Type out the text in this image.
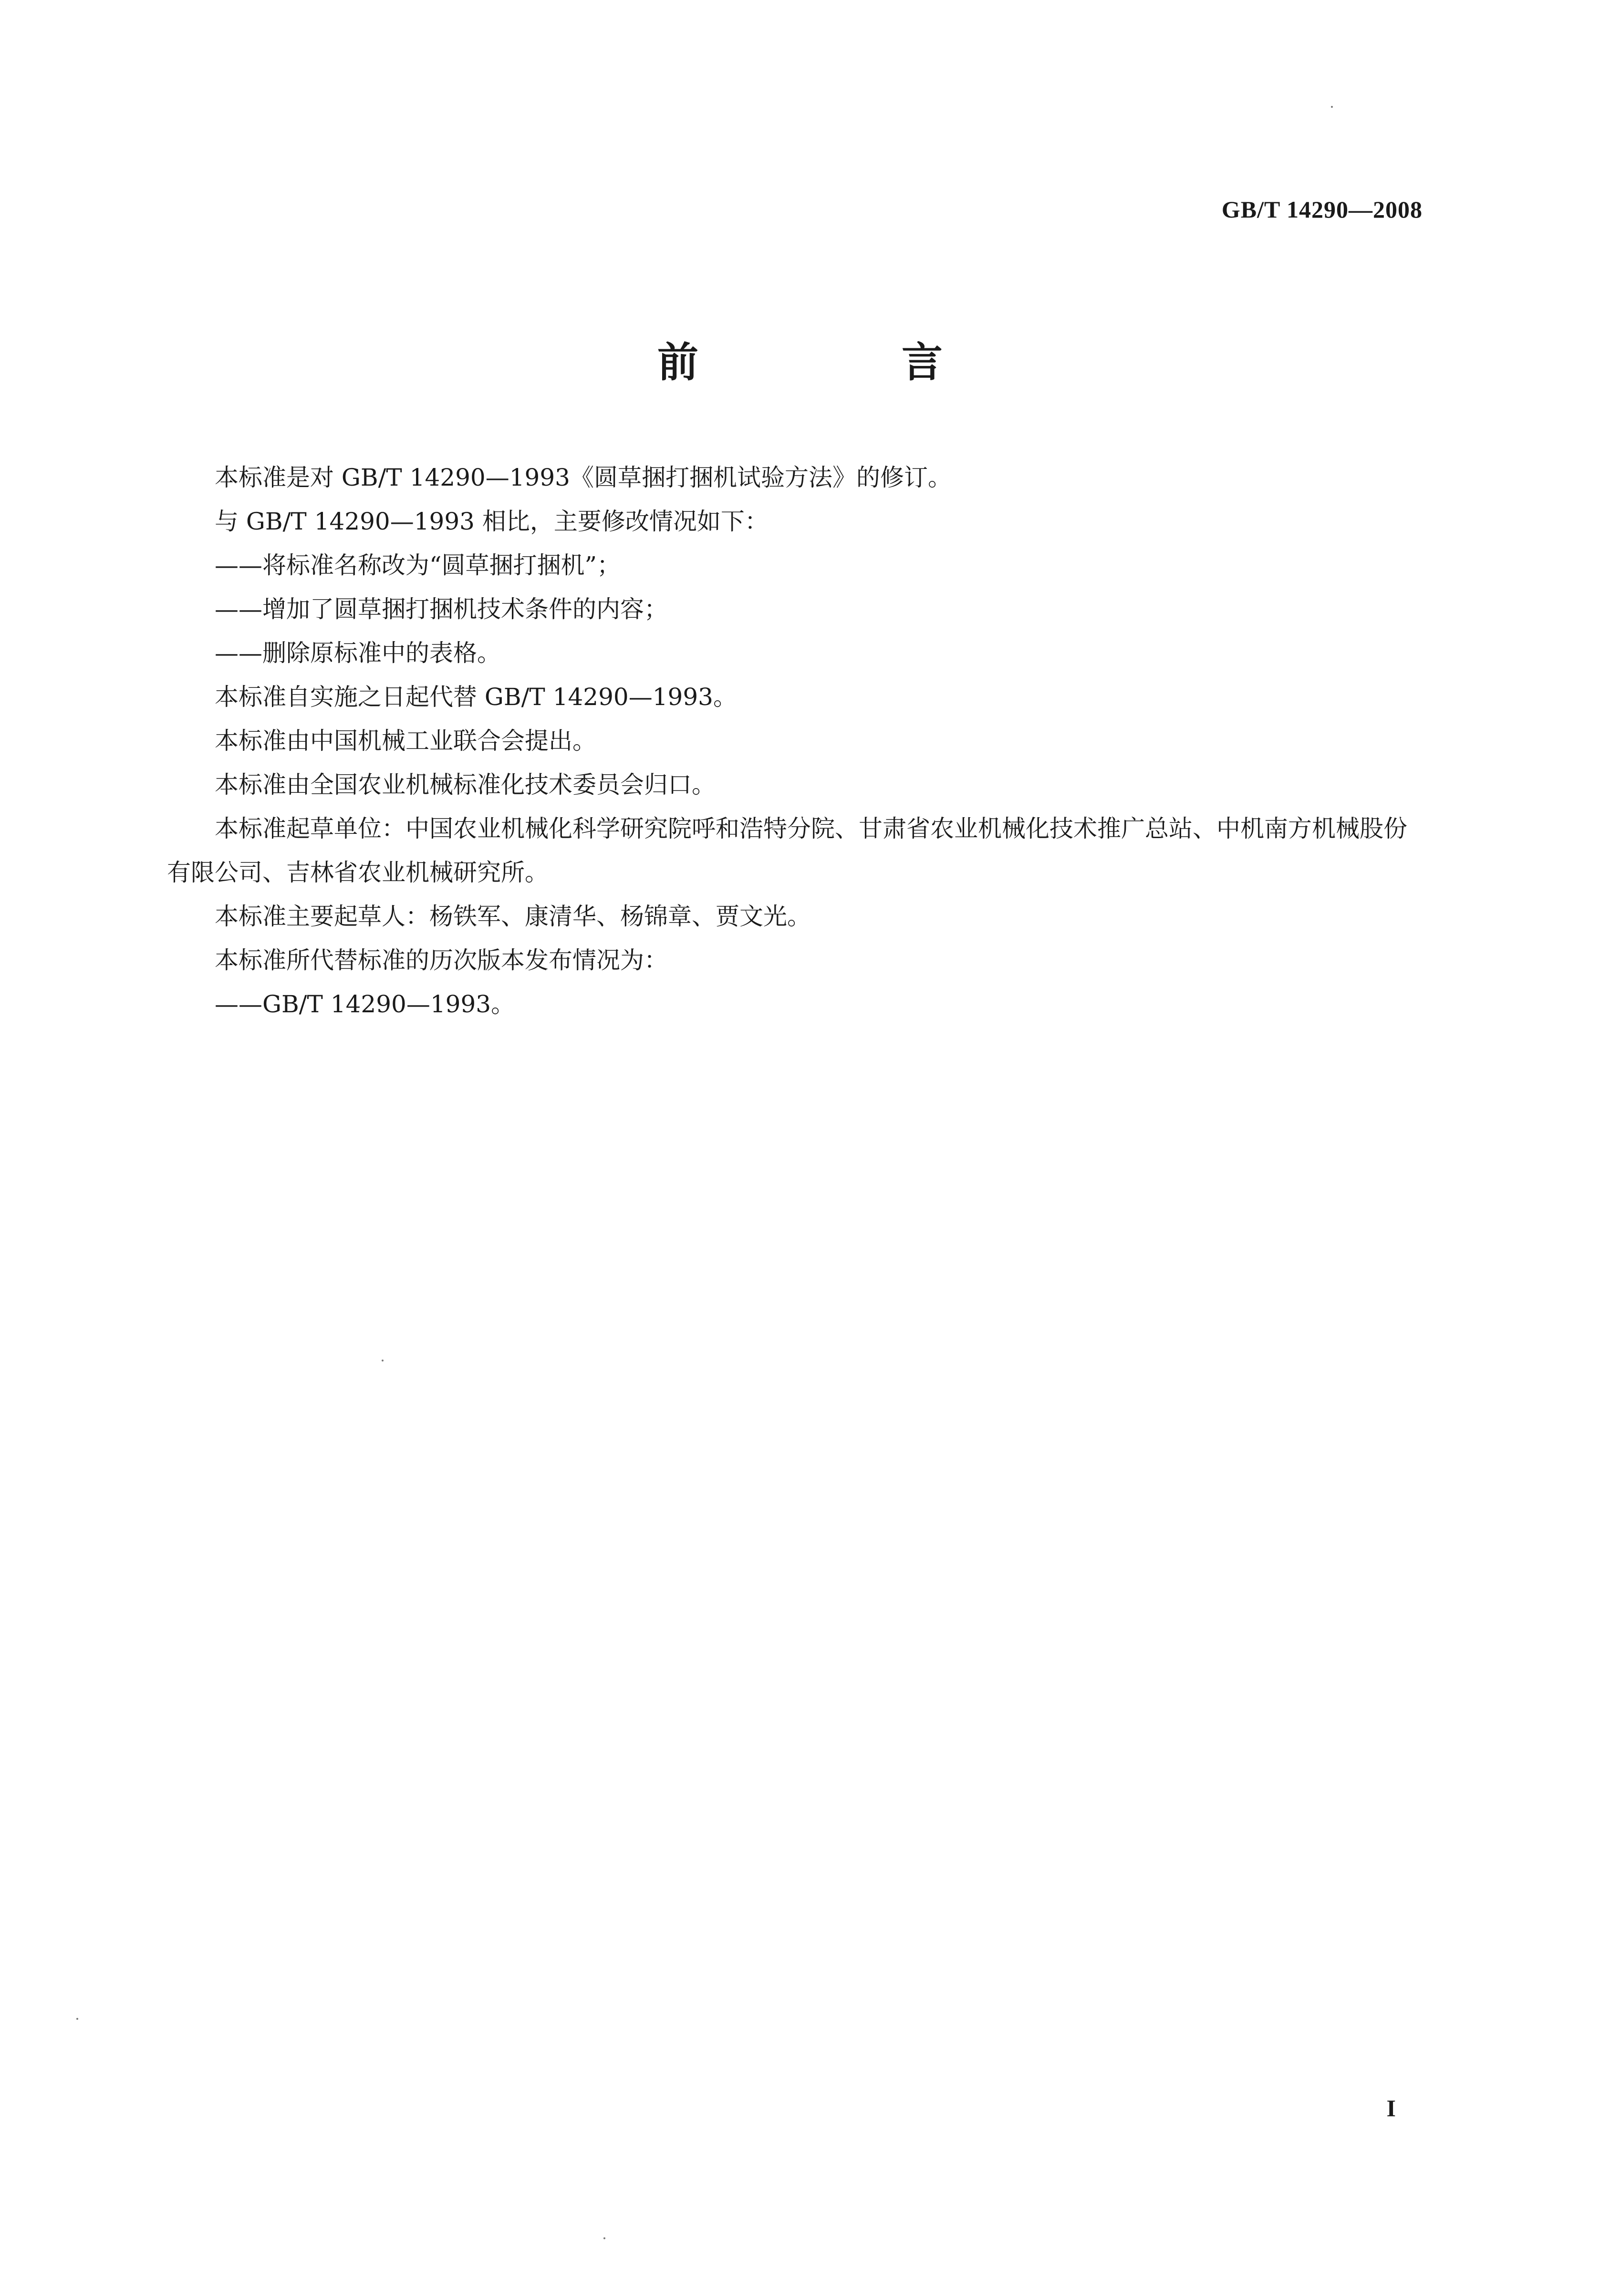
GB/T 14290—2008
前　言

本标准是对 GB/T 14290—1993《圆草捆打捆机试验方法》的修订。

与 GB/T 14290—1993 相比，主要修改情况如下：

——将标准名称改为“圆草捆打捆机”；

——增加了圆草捆打捆机技术条件的内容；

——删除原标准中的表格。

本标准自实施之日起代替 GB/T 14290—1993。

本标准由中国机械工业联合会提出。

本标准由全国农业机械标准化技术委员会归口。

本标准起草单位：中国农业机械化科学研究院呼和浩特分院、甘肃省农业机械化技术推广总站、中机南方机械股份有限公司、吉林省农业机械研究所。

本标准主要起草人：杨铁军、康清华、杨锦章、贾文光。

本标准所代替标准的历次版本发布情况为：

——GB/T 14290—1993。

I
